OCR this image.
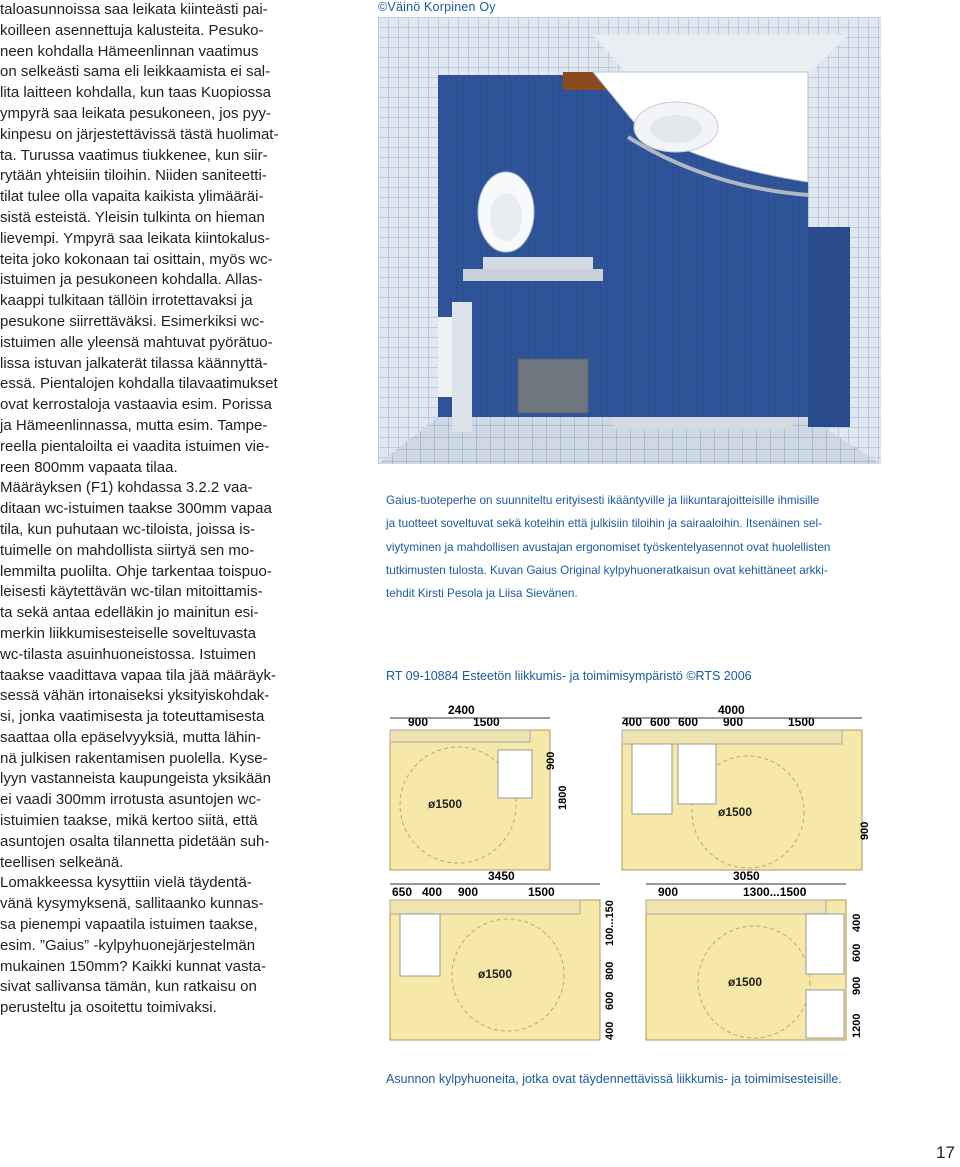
taloasunnoissa saa leikata kiinteästi pai-
koilleen asennettuja kalusteita. Pesuko-
neen kohdalla Hämeenlinnan vaatimus
on selkeästi sama eli leikkaamista ei sal-
lita laitteen kohdalla, kun taas Kuopiossa
ympyrä saa leikata pesukoneen, jos pyy-
kinpesu on järjestettävissä tästä huolimat-
ta. Turussa vaatimus tiukkenee, kun siir-
rytään yhteisiin tiloihin. Niiden saniteetti-
tilat tulee olla vapaita kaikista ylimääräi-
sistä esteistä. Yleisin tulkinta on hieman
lievempi. Ympyrä saa leikata kiintokalus-
teita joko kokonaan tai osittain, myös wc-
istuimen ja pesukoneen kohdalla. Allas-
kaappi tulkitaan tällöin irrotettavaksi ja
pesukone siirrettäväksi. Esimerkiksi wc-
istuimen alle yleensä mahtuvat pyörätuo-
lissa istuvan jalkaterät tilassa käännyttä-
essä. Pientalojen kohdalla tilavaatimukset
ovat kerrostaloja vastaavia esim. Porissa
ja Hämeenlinnassa, mutta esim. Tampe-
reella pientaloilta ei vaadita istuimen vie-
reen 800mm vapaata tilaa.

Määräyksen (F1) kohdassa 3.2.2 vaa-
ditaan wc-istuimen taakse 300mm vapaa
tila, kun puhutaan wc-tiloista, joissa is-
tuimelle on mahdollista siirtyä sen mo-
lemmilta puolilta. Ohje tarkentaa toispuo-
leisesti käytettävän wc-tilan mitoittamis-
ta sekä antaa edelläkin jo mainitun esi-
merkin liikkumisesteiselle soveltuvasta
wc-tilasta asuinhuoneistossa. Istuimen
taakse vaadittava vapaa tila jää määräyk-
sessä vähän irtonaiseksi yksityiskohdak-
si, jonka vaatimisesta ja toteuttamisesta
saattaa olla epäselvyyksiä, mutta lähin-
nä julkisen rakentamisen puolella. Kyse-
lyyn vastanneista kaupungeista yksikään
ei vaadi 300mm irrotusta asuntojen wc-
istuimien taakse, mikä kertoo siitä, että
asuntojen osalta tilannetta pidetään suh-
teellisen selkeänä.

Lomakkeessa kysyttiin vielä täydentä-
vänä kysymyksenä, sallitaanko kunnas-
sa pienempi vapaatila istuimen taakse,
esim. ”Gaius” -kylpyhuonejärjestelmän
mukainen 150mm? Kaikki kunnat vasta-
sivat sallivansa tämän, kun ratkaisu on
perusteltu ja osoitettu toimivaksi.

©Väinö Korpinen Oy
Gaius-tuoteperhe on suunniteltu erityisesti ikääntyville ja liikuntarajoitteisille ihmisille
ja tuotteet soveltuvat sekä koteihin että julkisiin tiloihin ja sairaaloihin. Itsenäinen sel-
viytyminen ja mahdollisen avustajan ergonomiset työskentelyasennot ovat huolellisten
tutkimusten tulosta. Kuvan Gaius Original kylpyhuoneratkaisun ovat kehittäneet arkki-
tehdit Kirsti Pesola ja Liisa Sievänen.
RT 09-10884 Esteetön liikkumis- ja toimimisympäristö ©RTS 2006
ø1500
2400
900	1500
900
1800
ø1500
4000
400 600 600 900	1500
900
ø1500
3450
650 400 900	1500
400
600
800
100...150
ø1500
3050
900	1300...1500
1200
900
600
400
Asunnon kylpyhuoneita, jotka ovat täydennettävissä liikkumis- ja toimimisesteisille.
17
